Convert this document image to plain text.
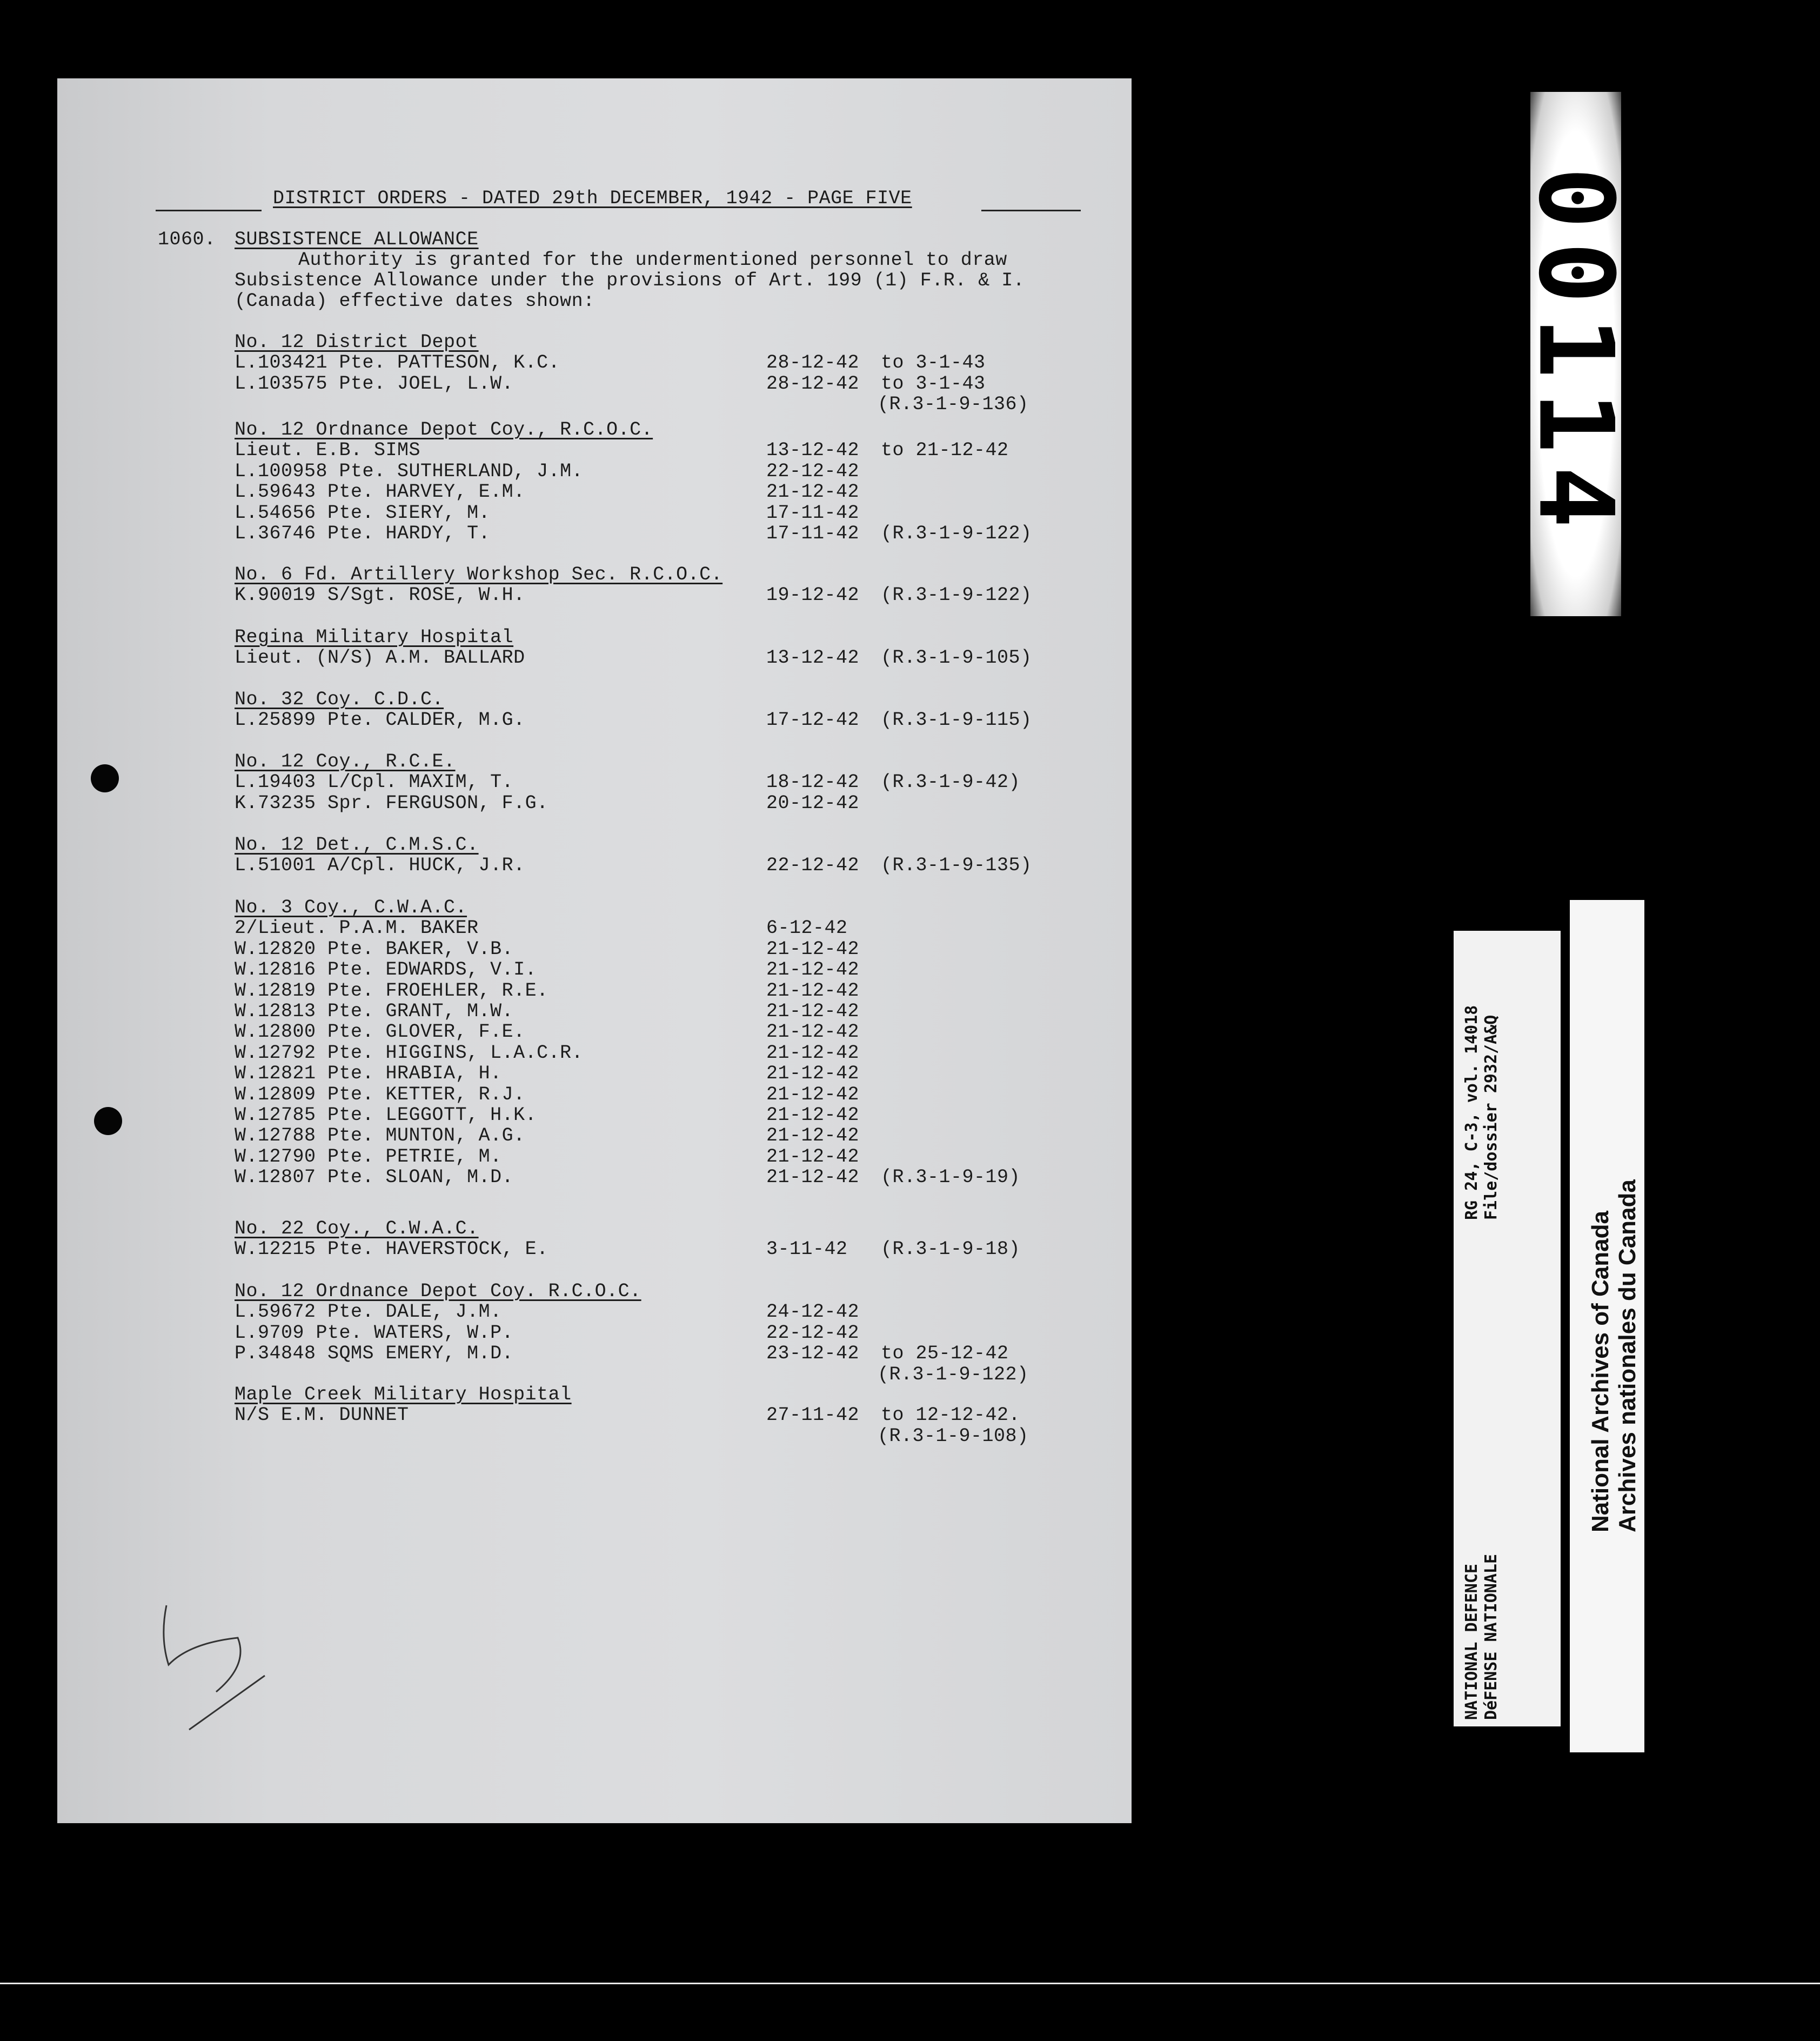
DISTRICT ORDERS - DATED 29th DECEMBER, 1942 - PAGE FIVE
1060. SUBSISTENCE ALLOWANCE
Authority is granted for the undermentioned personnel to draw
Subsistence Allowance under the provisions of Art. 199 (1) F.R. & I.
(Canada) effective dates shown:
No. 12 District Depot
L.103421 Pte. PATTESON, K.C.	28-12-42 to 3-1-43
L.103575 Pte. JOEL, L.W.	28-12-42 to 3-1-43
(R.3-1-9-136)
No. 12 Ordnance Depot Coy., R.C.O.C.
Lieut. E.B. SIMS	13-12-42 to 21-12-42
L.100958 Pte. SUTHERLAND, J.M.	22-12-42
L.59643 Pte. HARVEY, E.M.	21-12-42
L.54656 Pte. SIERY, M.	17-11-42
L.36746 Pte. HARDY, T.	17-11-42 (R.3-1-9-122)
No. 6 Fd. Artillery Workshop Sec. R.C.O.C.
K.90019 S/Sgt. ROSE, W.H.	19-12-42 (R.3-1-9-122)
Regina Military Hospital
Lieut. (N/S) A.M. BALLARD	13-12-42 (R.3-1-9-105)
No. 32 Coy. C.D.C.
L.25899 Pte. CALDER, M.G.	17-12-42 (R.3-1-9-115)
No. 12 Coy., R.C.E.
L.19403 L/Cpl. MAXIM, T.	18-12-42 (R.3-1-9-42)
K.73235 Spr. FERGUSON, F.G.	20-12-42
No. 12 Det., C.M.S.C.
L.51001 A/Cpl. HUCK, J.R.	22-12-42 (R.3-1-9-135)
No. 3 Coy., C.W.A.C.
2/Lieut. P.A.M. BAKER	6-12-42
W.12820 Pte. BAKER, V.B.	21-12-42
W.12816 Pte. EDWARDS, V.I.	21-12-42
W.12819 Pte. FROEHLER, R.E.	21-12-42
W.12813 Pte. GRANT, M.W.	21-12-42
W.12800 Pte. GLOVER, F.E.	21-12-42
W.12792 Pte. HIGGINS, L.A.C.R.	21-12-42
W.12821 Pte. HRABIA, H.	21-12-42
W.12809 Pte. KETTER, R.J.	21-12-42
W.12785 Pte. LEGGOTT, H.K.	21-12-42
W.12788 Pte. MUNTON, A.G.	21-12-42
W.12790 Pte. PETRIE, M.	21-12-42
W.12807 Pte. SLOAN, M.D.	21-12-42 (R.3-1-9-19)
No. 22 Coy., C.W.A.C.
W.12215 Pte. HAVERSTOCK, E.	3-11-42 (R.3-1-9-18)
No. 12 Ordnance Depot Coy. R.C.O.C.
L.59672 Pte. DALE, J.M.	24-12-42
L.9709 Pte. WATERS, W.P.	22-12-42
P.34848 SQMS EMERY, M.D.	23-12-42 to 25-12-42
(R.3-1-9-122)
Maple Creek Military Hospital
N/S E.M. DUNNET	27-11-42 to 12-12-42.
(R.3-1-9-108)
00114
RG 24, C-3, vol. 14018 File/dossier 2932/A&Q
NATIONAL DEFENCE DéFENSE NATIONALE
National Archives of Canada Archives nationales du Canada
